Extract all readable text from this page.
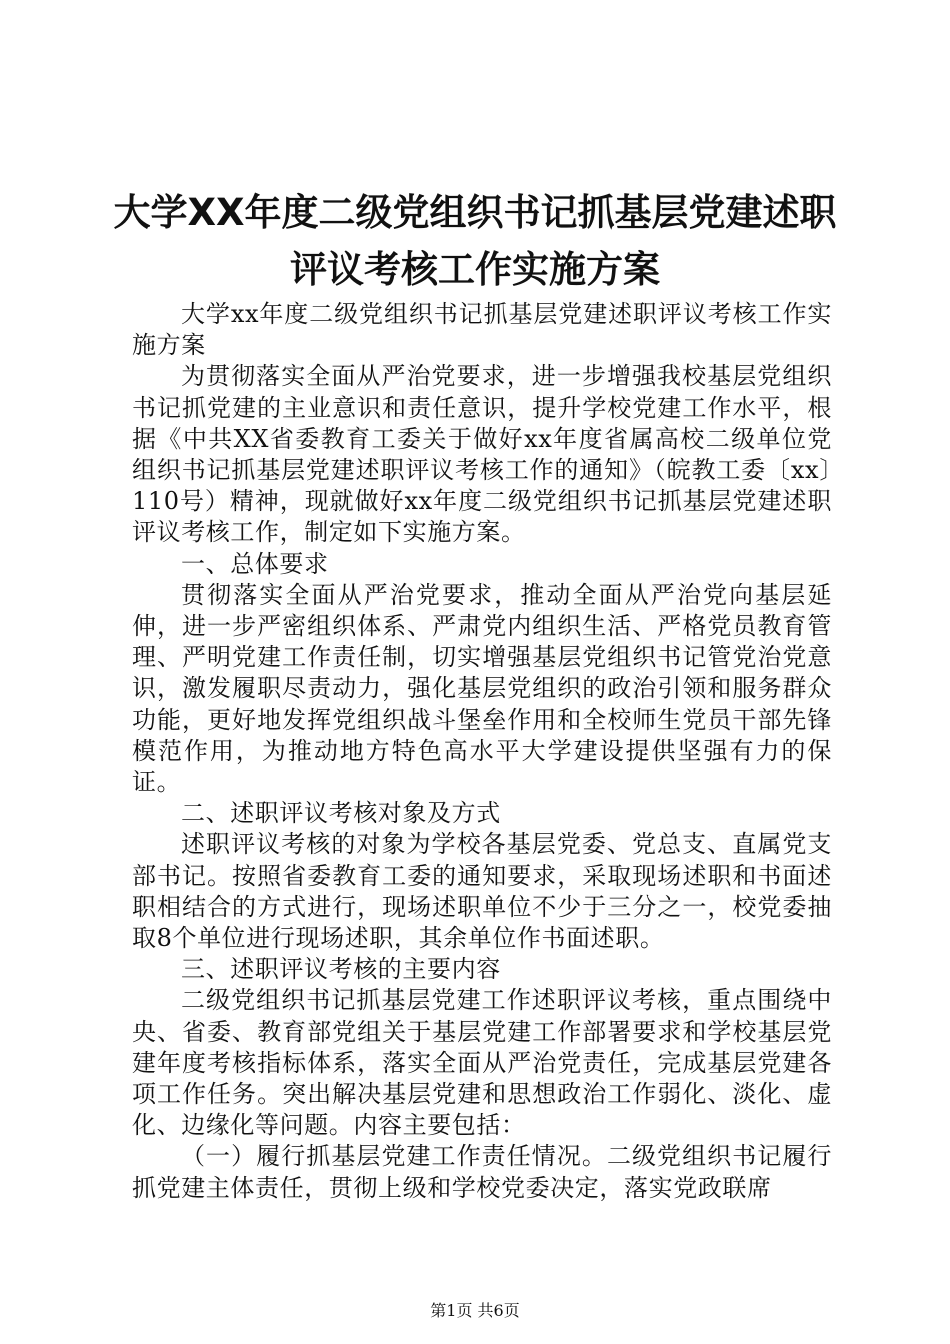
大学XX年度二级党组织书记抓基层党建述职
评议考核工作实施方案

大学xx年度二级党组织书记抓基层党建述职评议考核工作实施方案

为贯彻落实全面从严治党要求，进一步增强我校基层党组织书记抓党建的主业意识和责任意识，提升学校党建工作水平，根据《中共XX省委教育工委关于做好xx年度省属高校二级单位党组织书记抓基层党建述职评议考核工作的通知》（皖教工委〔xx〕110号）精神，现就做好xx年度二级党组织书记抓基层党建述职评议考核工作，制定如下实施方案。

一、总体要求

贯彻落实全面从严治党要求，推动全面从严治党向基层延伸，进一步严密组织体系、严肃党内组织生活、严格党员教育管理、严明党建工作责任制，切实增强基层党组织书记管党治党意识，激发履职尽责动力，强化基层党组织的政治引领和服务群众功能，更好地发挥党组织战斗堡垒作用和全校师生党员干部先锋模范作用，为推动地方特色高水平大学建设提供坚强有力的保证。

二、述职评议考核对象及方式

述职评议考核的对象为学校各基层党委、党总支、直属党支部书记。按照省委教育工委的通知要求，采取现场述职和书面述职相结合的方式进行，现场述职单位不少于三分之一，校党委抽取8个单位进行现场述职，其余单位作书面述职。

三、述职评议考核的主要内容

二级党组织书记抓基层党建工作述职评议考核，重点围绕中央、省委、教育部党组关于基层党建工作部署要求和学校基层党建年度考核指标体系，落实全面从严治党责任，完成基层党建各项工作任务。突出解决基层党建和思想政治工作弱化、淡化、虚化、边缘化等问题。内容主要包括：

（一）履行抓基层党建工作责任情况。二级党组织书记履行抓党建主体责任，贯彻上级和学校党委决定，落实党政联席

第1页 共6页
